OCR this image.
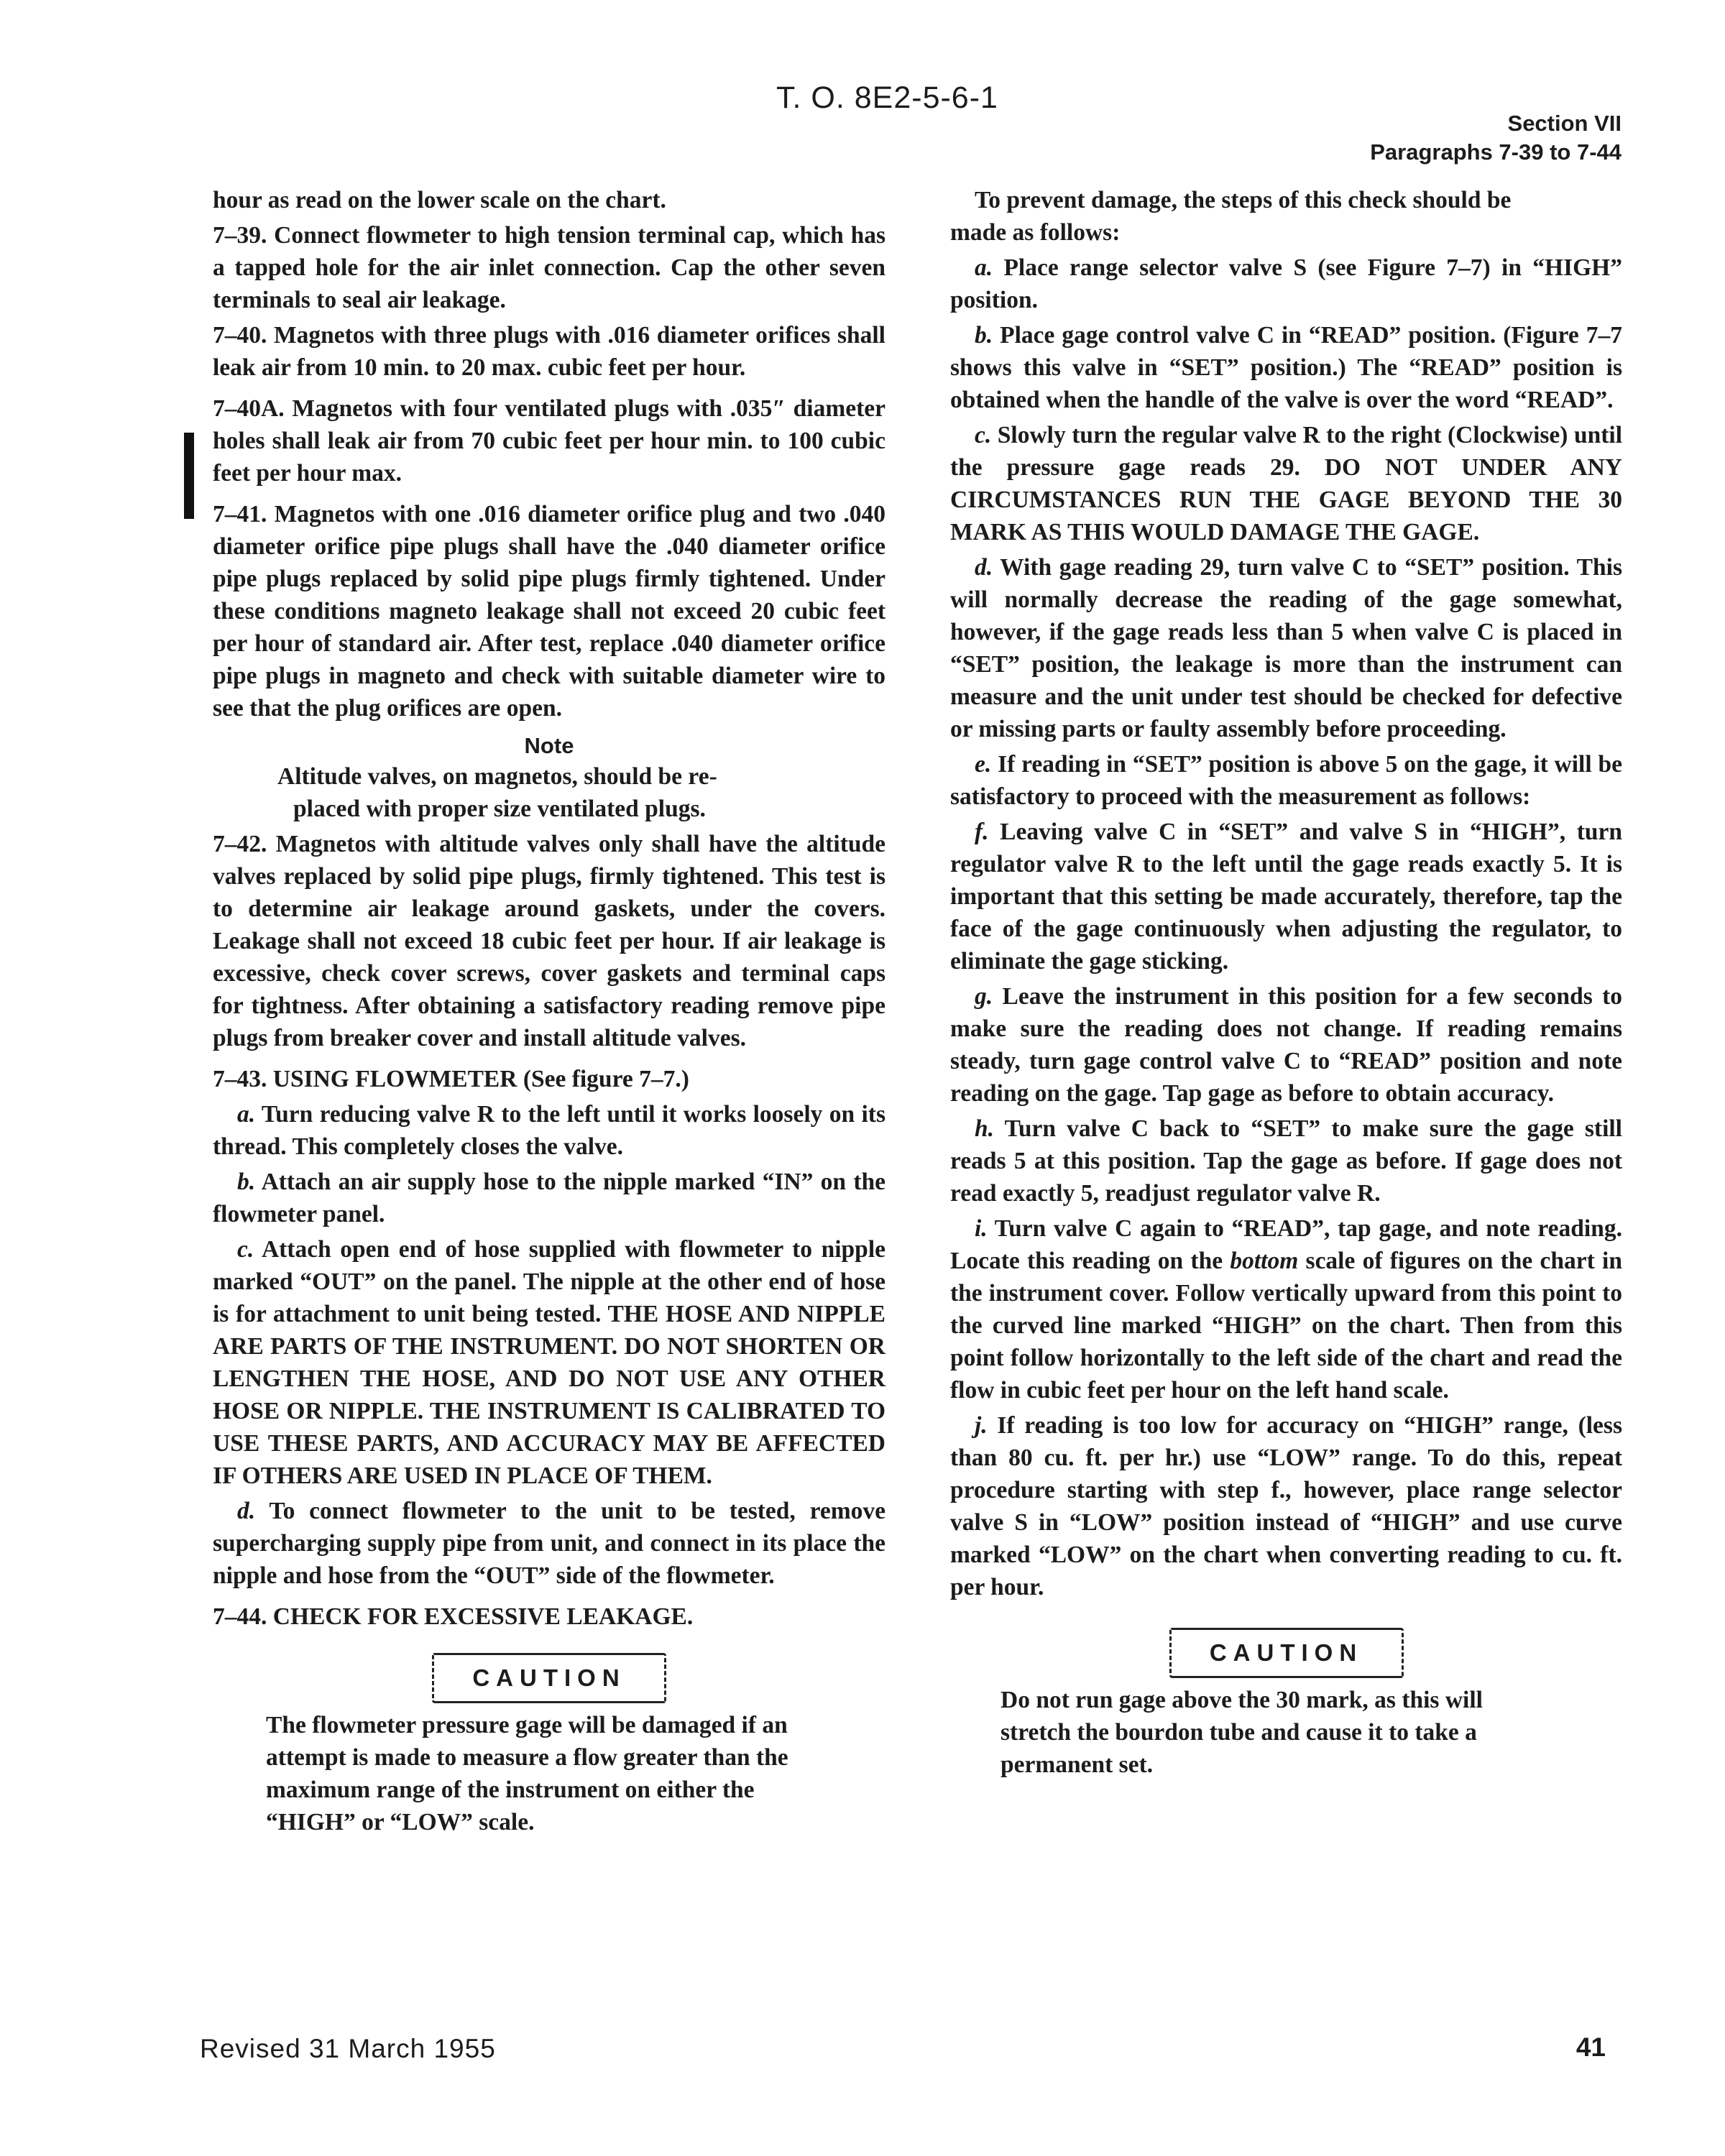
T. O. 8E2-5-6-1
Section VII
Paragraphs 7-39 to 7-44

hour as read on the lower scale on the chart.

7–39. Connect flowmeter to high tension terminal cap, which has a tapped hole for the air inlet connection. Cap the other seven terminals to seal air leakage.

7–40. Magnetos with three plugs with .016 diameter orifices shall leak air from 10 min. to 20 max. cubic feet per hour.

7–40A. Magnetos with four ventilated plugs with .035″ diameter holes shall leak air from 70 cubic feet per hour min. to 100 cubic feet per hour max.

7–41. Magnetos with one .016 diameter orifice plug and two .040 diameter orifice pipe plugs shall have the .040 diameter orifice pipe plugs replaced by solid pipe plugs firmly tightened. Under these conditions magneto leakage shall not exceed 20 cubic feet per hour of standard air. After test, replace .040 diameter orifice pipe plugs in magneto and check with suitable diameter wire to see that the plug orifices are open.

Note

Altitude valves, on magnetos, should be re-
placed with proper size ventilated plugs.

7–42. Magnetos with altitude valves only shall have the altitude valves replaced by solid pipe plugs, firmly tightened. This test is to determine air leakage around gaskets, under the covers. Leakage shall not exceed 18 cubic feet per hour. If air leakage is excessive, check cover screws, cover gaskets and terminal caps for tightness. After obtaining a satisfactory reading remove pipe plugs from breaker cover and install altitude valves.

7–43. USING FLOWMETER (See figure 7–7.)

a. Turn reducing valve R to the left until it works loosely on its thread. This completely closes the valve.

b. Attach an air supply hose to the nipple marked “IN” on the flowmeter panel.

c. Attach open end of hose supplied with flowmeter to nipple marked “OUT” on the panel. The nipple at the other end of hose is for attachment to unit being tested. THE HOSE AND NIPPLE ARE PARTS OF THE INSTRUMENT. DO NOT SHORTEN OR LENGTHEN THE HOSE, AND DO NOT USE ANY OTHER HOSE OR NIPPLE. THE INSTRUMENT IS CALIBRATED TO USE THESE PARTS, AND ACCURACY MAY BE AFFECTED IF OTHERS ARE USED IN PLACE OF THEM.

d. To connect flowmeter to the unit to be tested, remove supercharging supply pipe from unit, and connect in its place the nipple and hose from the “OUT” side of the flowmeter.

7–44. CHECK FOR EXCESSIVE LEAKAGE.

CAUTION

The flowmeter pressure gage will be damaged if an attempt is made to measure a flow greater than the maximum range of the instrument on either the “HIGH” or “LOW” scale.

To prevent damage, the steps of this check should be made as follows:

a. Place range selector valve S (see Figure 7–7) in “HIGH” position.

b. Place gage control valve C in “READ” position. (Figure 7–7 shows this valve in “SET” position.) The “READ” position is obtained when the handle of the valve is over the word “READ”.

c. Slowly turn the regular valve R to the right (Clockwise) until the pressure gage reads 29. DO NOT UNDER ANY CIRCUMSTANCES RUN THE GAGE BEYOND THE 30 MARK AS THIS WOULD DAMAGE THE GAGE.

d. With gage reading 29, turn valve C to “SET” position. This will normally decrease the reading of the gage somewhat, however, if the gage reads less than 5 when valve C is placed in “SET” position, the leakage is more than the instrument can measure and the unit under test should be checked for defective or missing parts or faulty assembly before proceeding.

e. If reading in “SET” position is above 5 on the gage, it will be satisfactory to proceed with the measurement as follows:

f. Leaving valve C in “SET” and valve S in “HIGH”, turn regulator valve R to the left until the gage reads exactly 5. It is important that this setting be made accurately, therefore, tap the face of the gage continuously when adjusting the regulator, to eliminate the gage sticking.

g. Leave the instrument in this position for a few seconds to make sure the reading does not change. If reading remains steady, turn gage control valve C to “READ” position and note reading on the gage. Tap gage as before to obtain accuracy.

h. Turn valve C back to “SET” to make sure the gage still reads 5 at this position. Tap the gage as before. If gage does not read exactly 5, readjust regulator valve R.

i. Turn valve C again to “READ”, tap gage, and note reading. Locate this reading on the bottom scale of figures on the chart in the instrument cover. Follow vertically upward from this point to the curved line marked “HIGH” on the chart. Then from this point follow horizontally to the left side of the chart and read the flow in cubic feet per hour on the left hand scale.

j. If reading is too low for accuracy on “HIGH” range, (less than 80 cu. ft. per hr.) use “LOW” range. To do this, repeat procedure starting with step f., however, place range selector valve S in “LOW” position instead of “HIGH” and use curve marked “LOW” on the chart when converting reading to cu. ft. per hour.

CAUTION

Do not run gage above the 30 mark, as this will stretch the bourdon tube and cause it to take a permanent set.

Revised 31 March 1955	41
